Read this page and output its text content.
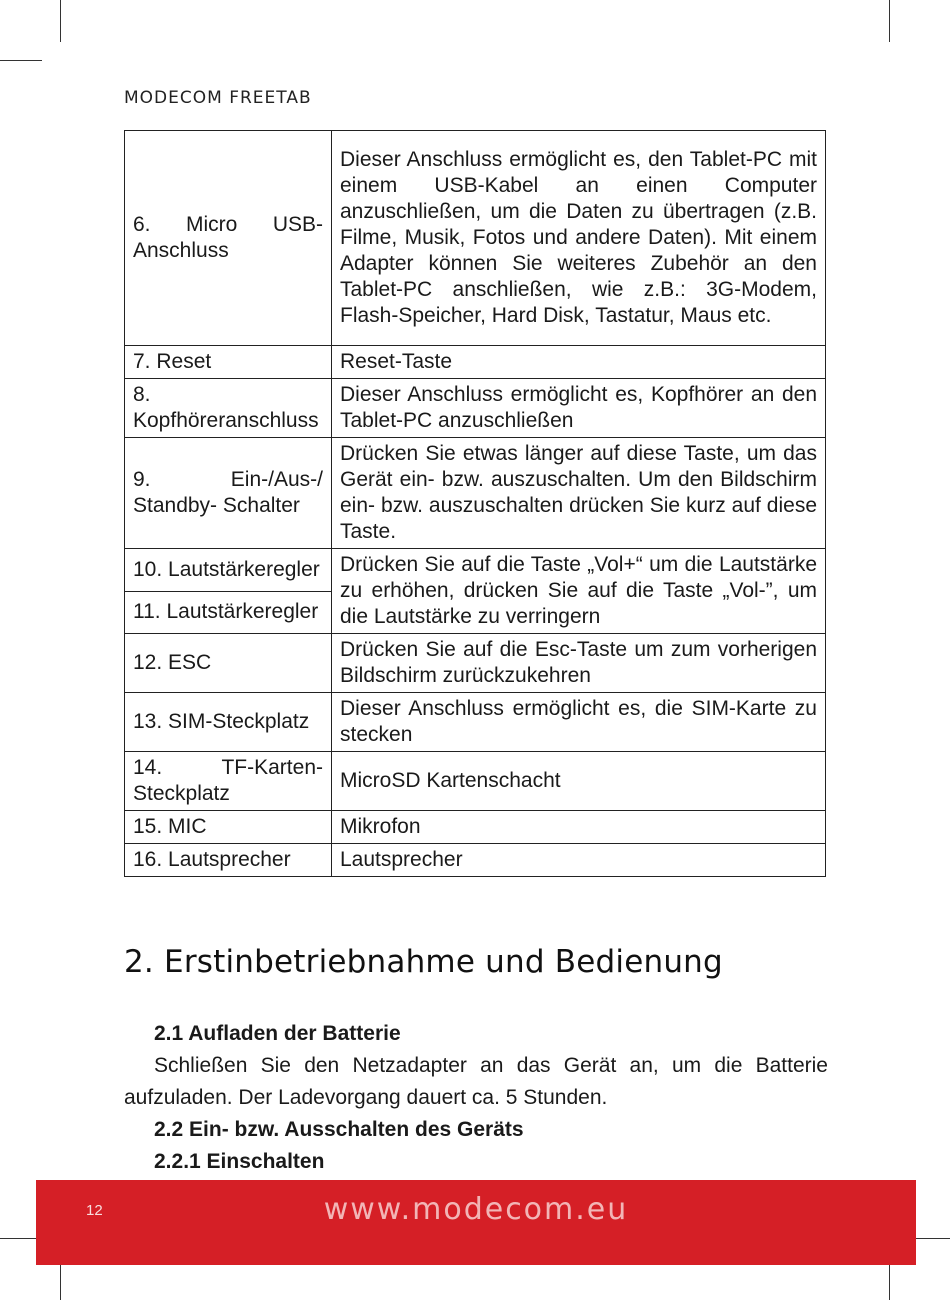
MODECOM FREETAB
6. Micro USB-Anschluss	Dieser Anschluss ermöglicht es, den Tablet-PC mit einem USB-Kabel an einen Computer anzuschließen, um die Daten zu übertragen (z.B. Filme, Musik, Fotos und andere Daten). Mit einem Adapter können Sie weiteres Zubehör an den Tablet-PC anschließen, wie z.B.: 3G-Modem, Flash-Speicher, Hard Disk, Tastatur, Maus etc.
7. Reset	Reset-Taste
8. Kopfhöreranschluss	Dieser Anschluss ermöglicht es, Kopfhörer an den Tablet-PC anzuschließen
9. Ein-/Aus-/ Standby- Schalter	Drücken Sie etwas länger auf diese Taste, um das Gerät ein- bzw. auszuschalten. Um den Bildschirm ein- bzw. auszuschalten drücken Sie kurz auf diese Taste.
10. Lautstärkeregler	Drücken Sie auf die Taste „Vol+“ um die Lautstärke zu erhöhen, drücken Sie auf die Taste „Vol-”, um die Lautstärke zu verringern
11. Lautstärkeregler	
12. ESC	Drücken Sie auf die Esc-Taste um zum vorherigen Bildschirm zurückzukehren
13. SIM-Steckplatz	Dieser Anschluss ermöglicht es, die SIM-Karte zu stecken
14. TF-Karten-Steckplatz	MicroSD Kartenschacht
15. MIC	Mikrofon
16. Lautsprecher	Lautsprecher
2. Erstinbetriebnahme und Bedienung

2.1 Aufladen der Batterie

Schließen Sie den Netzadapter an das Gerät an, um die Batterie aufzuladen. Der Ladevorgang dauert ca. 5 Stunden.

2.2 Ein- bzw. Ausschalten des Geräts

2.2.1 Einschalten

12	www.modecom.eu
